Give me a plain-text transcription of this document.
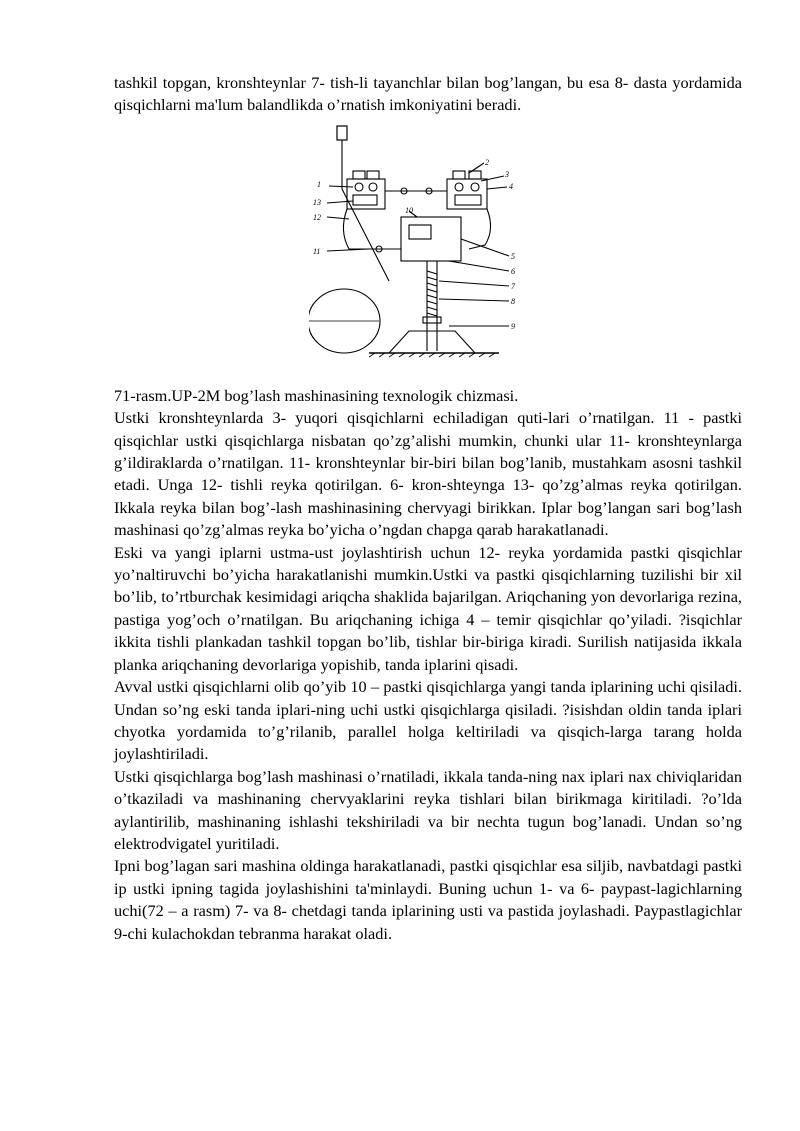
tashkil topgan, kronshteynlar 7- tish-li tayanchlar bilan bog’langan, bu esa 8- dasta yordamida qisqichlarni ma'lum balandlikda o’rnatish imkoniyatini beradi.

1
13
12
11
2
3
4
5
6
7
8
9
10

71-rasm.UP-2M bog’lash mashinasining texnologik chizmasi.

Ustki kronshteynlarda 3- yuqori qisqichlarni echiladigan quti-lari o’rnatilgan. 11 - pastki qisqichlar ustki qisqichlarga nisbatan qo’zg’alishi mumkin, chunki ular 11- kronshteynlarga g’ildiraklarda o’rnatilgan. 11- kronshteynlar bir-biri bilan bog’lanib, mustahkam asosni tashkil etadi. Unga 12- tishli reyka qotirilgan. 6- kron-shteynga 13- qo’zg’almas reyka qotirilgan. Ikkala reyka bilan bog’-lash mashinasining chervyagi birikkan. Iplar bog’langan sari bog’lash mashinasi qo’zg’almas reyka bo’yicha o’ngdan chapga qarab harakatlanadi.

Eski va yangi iplarni ustma-ust joylashtirish uchun 12- reyka yordamida pastki qisqichlar yo’naltiruvchi bo’yicha harakatlanishi mumkin.Ustki va pastki qisqichlarning tuzilishi bir xil bo’lib, to’rtburchak kesimidagi ariqcha shaklida bajarilgan. Ariqchaning yon devorlariga rezina, pastiga yog’och o’rnatilgan. Bu ariqchaning ichiga 4 – temir qisqichlar qo’yiladi. ?isqichlar ikkita tishli plankadan tashkil topgan bo’lib, tishlar bir-biriga kiradi. Surilish natijasida ikkala planka ariqchaning devorlariga yopishib, tanda iplarini qisadi.

Avval ustki qisqichlarni olib qo’yib 10 – pastki qisqichlarga yangi tanda iplarining uchi qisiladi. Undan so’ng eski tanda iplari-ning uchi ustki qisqichlarga qisiladi. ?isishdan oldin tanda iplari chyotka yordamida to’g’rilanib, parallel holga keltiriladi va qisqich-larga tarang holda joylashtiriladi.

Ustki qisqichlarga bog’lash mashinasi o’rnatiladi, ikkala tanda-ning nax iplari nax chiviqlaridan o’tkaziladi va mashinaning chervyaklarini reyka tishlari bilan birikmaga kiritiladi. ?o’lda aylantirilib, mashinaning ishlashi tekshiriladi va bir nechta tugun bog’lanadi. Undan so’ng elektrodvigatel yuritiladi.

Ipni bog’lagan sari mashina oldinga harakatlanadi, pastki qisqichlar esa siljib, navbatdagi pastki ip ustki ipning tagida joylashishini ta'minlaydi. Buning uchun 1- va 6- paypast-lagichlarning uchi(72 – a rasm) 7- va 8- chetdagi tanda iplarining usti va pastida joylashadi. Paypastlagichlar 9-chi kulachokdan tebranma harakat oladi.
